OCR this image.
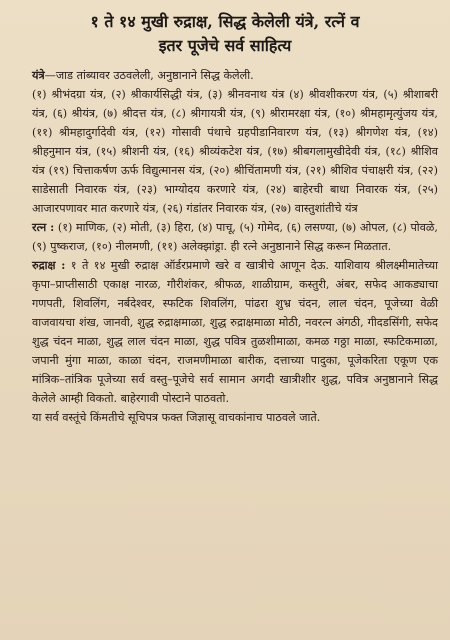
१ ते १४ मुखी रुद्राक्ष, सिद्ध केलेली यंत्रे, रत्नें व
इतर पूजेचे सर्व साहित्य

यंत्रे—जाड तांब्यावर उठवलेली, अनुष्ठानाने सिद्ध केलेली.

(१) श्रीभंदग्रा यंत्र, (२) श्रीकार्यसिद्धी यंत्र, (३) श्रीनवनाथ यंत्र (४) श्रीवशीकरण यंत्र, (५) श्रीशाबरी यंत्र, (६) श्रीयंत्र, (७) श्रीदत्त यंत्र, (८) श्रीगायत्री यंत्र, (९) श्रीरामरक्षा यंत्र, (१०) श्रीमहामृत्युंजय यंत्र, (११) श्रीमहादुर्गादेवी यंत्र, (१२) गोसावी पंथाचे ग्रहपीडानिवारण यंत्र, (१३) श्रीगणेश यंत्र, (१४) श्रीहनुमान यंत्र, (१५) श्रीशनी यंत्र, (१६) श्रीव्यंकटेश यंत्र, (१७) श्रीबगलामुखीदेवी यंत्र, (१८) श्रीशिव यंत्र (१९) चित्ताकर्षण ऊर्फ विद्युत्मानस यंत्र, (२०) श्रीचिंतामणी यंत्र, (२१) श्रीशिव पंचाक्षरी यंत्र, (२२) साडेसाती निवारक यंत्र, (२३) भाग्योदय करणारे यंत्र, (२४) बाहेरची बाधा निवारक यंत्र, (२५) आजारपणावर मात करणारे यंत्र, (२६) गंडांतर निवारक यंत्र, (२७) वास्तुशांतीचे यंत्र

रत्न : (१) माणिक, (२) मोती, (३) हिरा, (४) पाचू, (५) गोमेद, (६) लसण्या, (७) ओपल, (८) पोवळे, (९) पुष्कराज, (१०) नीलमणी, (११) अलेक्झांड्रा. ही रत्ने अनुष्ठानाने सिद्ध करून मिळतात.

रुद्राक्ष : १ ते १४ मुखी रुद्राक्ष ऑर्डरप्रमाणे खरे व खात्रीचे आणून देऊ. याशिवाय श्रीलक्ष्मीमातेच्या कृपा–प्राप्तीसाठी एकाक्ष नारळ, गौरीशंकर, श्रीफळ, शाळीग्राम, कस्तुरी, अंबर, सफेद आकड्याचा गणपती, शिवलिंग, नर्बदेश्वर, स्फटिक शिवलिंग, पांढरा शुभ्र चंदन, लाल चंदन, पूजेच्या वेळी वाजवायचा शंख, जानवी, शुद्ध रुद्राक्षमाळा, शुद्ध रुद्राक्षमाळा मोठी, नवरत्न अंगठी, गीदडसिंगी, सफेद शुद्ध चंदन माळा, शुद्ध लाल चंदन माळा, शुद्ध पवित्र तुळशीमाळा, कमळ गठ्ठा माळा, स्फटिकमाळा, जपानी मुंगा माळा, काळा चंदन, राजमणीमाळा बारीक, दत्ताच्या पादुका, पूजेकरिता एकूण एक मांत्रिक–तांत्रिक पूजेच्या सर्व वस्तु–पूजेचे सर्व सामान अगदी खात्रीशीर शुद्ध, पवित्र अनुष्ठानाने सिद्ध केलेले आम्ही विकतो. बाहेरगावी पोस्टाने पाठवतो.

या सर्व वस्तूंचे किंमतीचे सूचिपत्र फक्त जिज्ञासू वाचकांनाच पाठवले जाते.
